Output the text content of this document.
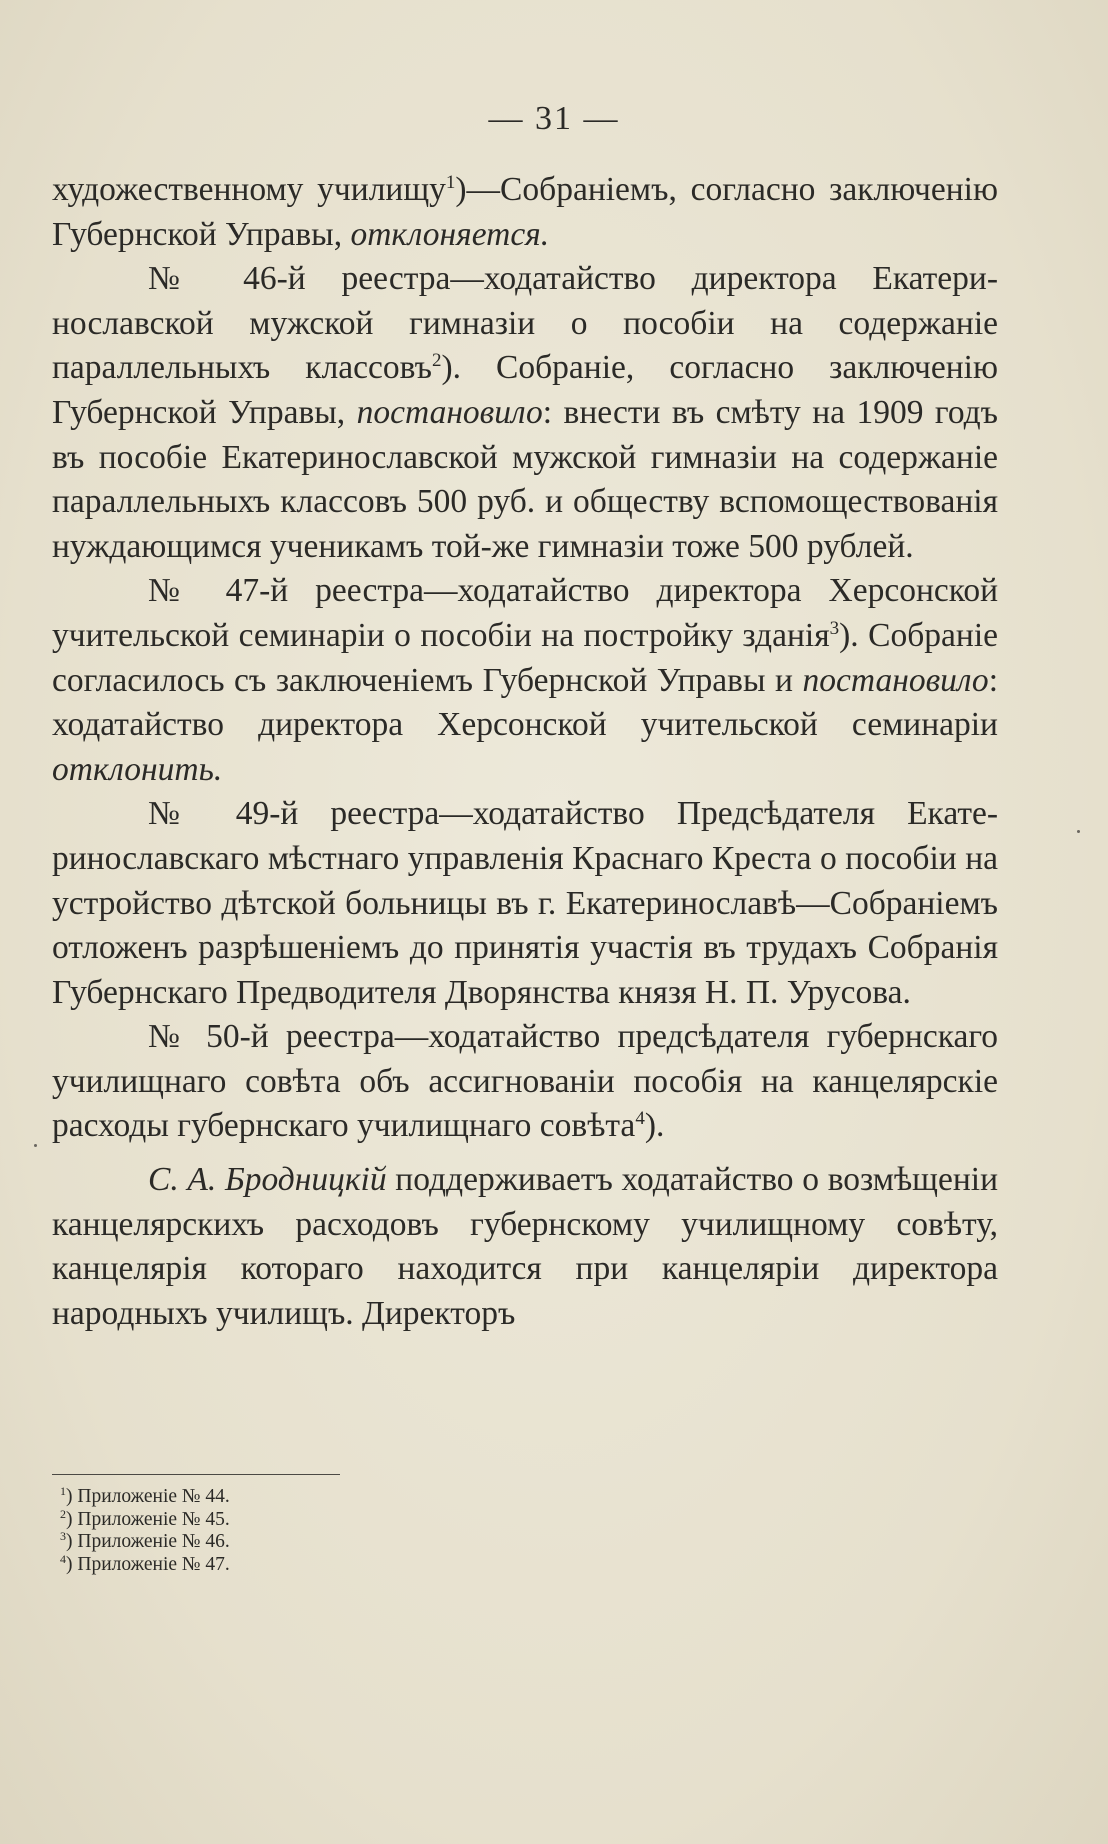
— 31 —

художественному училищу$^1$)—Собраніемъ, согласно заключенію Губернской Управы, отклоняется.

№ 46-й реестра—ходатайство директора Екатеринославской мужской гимназіи о пособіи на содержаніе параллельныхъ классовъ$^2$). Собраніе, согласно заключенію Губернской Управы, постановило: внести въ смѣту на 1909 годъ въ пособіе Екатеринославской мужской гимназіи на содержаніе параллельныхъ классовъ 500 руб. и обществу вспомоществованія нуждающимся ученикамъ той-же гимназіи тоже 500 рублей.

№ 47-й реестра—ходатайство директора Херсонской учительской семинаріи о пособіи на постройку зданія$^3$). Собраніе согласилось съ заключеніемъ Губернской Управы и постановило: ходатайство директора Херсонской учительской семинаріи отклонить.

№ 49-й реестра—ходатайство Предсѣдателя Екатеринославскаго мѣстнаго управленія Краснаго Креста о пособіи на устройство дѣтской больницы въ г. Екатеринославѣ—Собраніемъ отложенъ разрѣшеніемъ до принятія участія въ трудахъ Собранія Губернскаго Предводителя Дворянства князя Н. П. Урусова.

№ 50-й реестра—ходатайство предсѣдателя губернскаго училищнаго совѣта объ ассигнованіи пособія на канцелярскіе расходы губернскаго училищнаго совѣта$^4$).

С. А. Бродницкій поддерживаетъ ходатайство о возмѣщеніи канцелярскихъ расходовъ губернскому училищному совѣту, канцелярія котораго находится при канцеляріи директора народныхъ училищъ. Директоръ

$^1$) Приложеніе № 44.
$^2$) Приложеніе № 45.
$^3$) Приложеніе № 46.
$^4$) Приложеніе № 47.
